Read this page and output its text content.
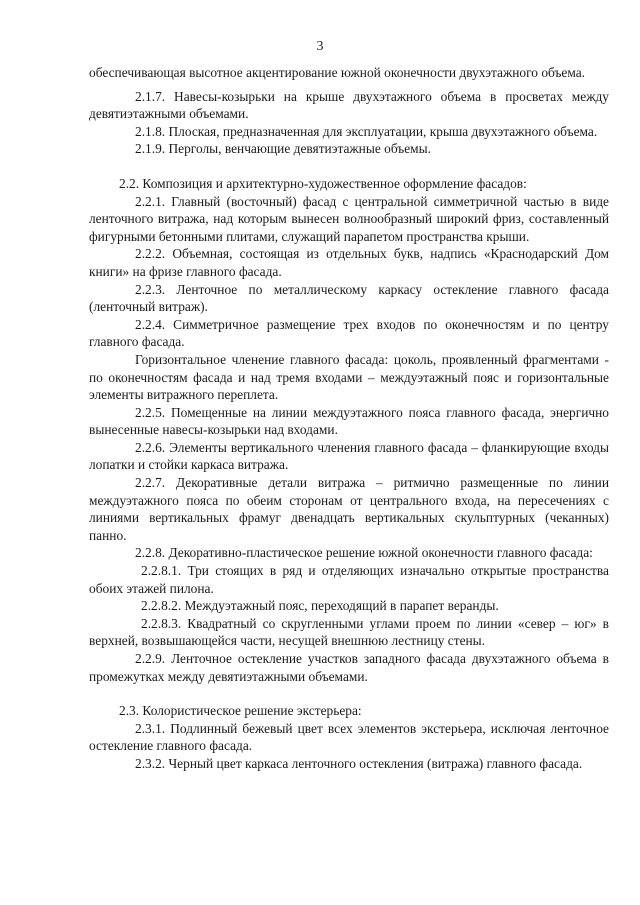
3

обеспечивающая высотное акцентирование южной оконечности двухэтажного объема.

2.1.7. Навесы-козырьки на крыше двухэтажного объема в просветах между девятиэтажными объемами.

2.1.8. Плоская, предназначенная для эксплуатации, крыша двухэтажного объема.

2.1.9. Перголы, венчающие девятиэтажные объемы.

2.2. Композиция и архитектурно-художественное оформление фасадов:

2.2.1. Главный (восточный) фасад с центральной симметричной частью в виде ленточного витража, над которым вынесен волнообразный широкий фриз, составленный фигурными бетонными плитами, служащий парапетом пространства крыши.

2.2.2. Объемная, состоящая из отдельных букв, надпись «Краснодарский Дом книги» на фризе главного фасада.

2.2.3. Ленточное по металлическому каркасу остекление главного фасада (ленточный витраж).

2.2.4. Симметричное размещение трех входов по оконечностям и по центру главного фасада.

Горизонтальное членение главного фасада: цоколь, проявленный фрагментами - по оконечностям фасада и над тремя входами – междуэтажный пояс и горизонтальные элементы витражного переплета.

2.2.5. Помещенные на линии междуэтажного пояса главного фасада, энергично вынесенные навесы-козырьки над входами.

2.2.6. Элементы вертикального членения главного фасада – фланкирующие входы лопатки и стойки каркаса витража.

2.2.7. Декоративные детали витража – ритмично размещенные по линии междуэтажного пояса по обеим сторонам от центрального входа, на пересечениях с линиями вертикальных фрамуг двенадцать вертикальных скульптурных (чеканных) панно.

2.2.8. Декоративно-пластическое решение южной оконечности главного фасада:

2.2.8.1. Три стоящих в ряд и отделяющих изначально открытые пространства обоих этажей пилона.

2.2.8.2. Междуэтажный пояс, переходящий в парапет веранды.

2.2.8.3. Квадратный со скругленными углами проем по линии «север – юг» в верхней, возвышающейся части, несущей внешнюю лестницу стены.

2.2.9. Ленточное остекление участков западного фасада двухэтажного объема в промежутках между девятиэтажными объемами.

2.3. Колористическое решение экстерьера:

2.3.1. Подлинный бежевый цвет всех элементов экстерьера, исключая ленточное остекление главного фасада.

2.3.2. Черный цвет каркаса ленточного остекления (витража) главного фасада.
